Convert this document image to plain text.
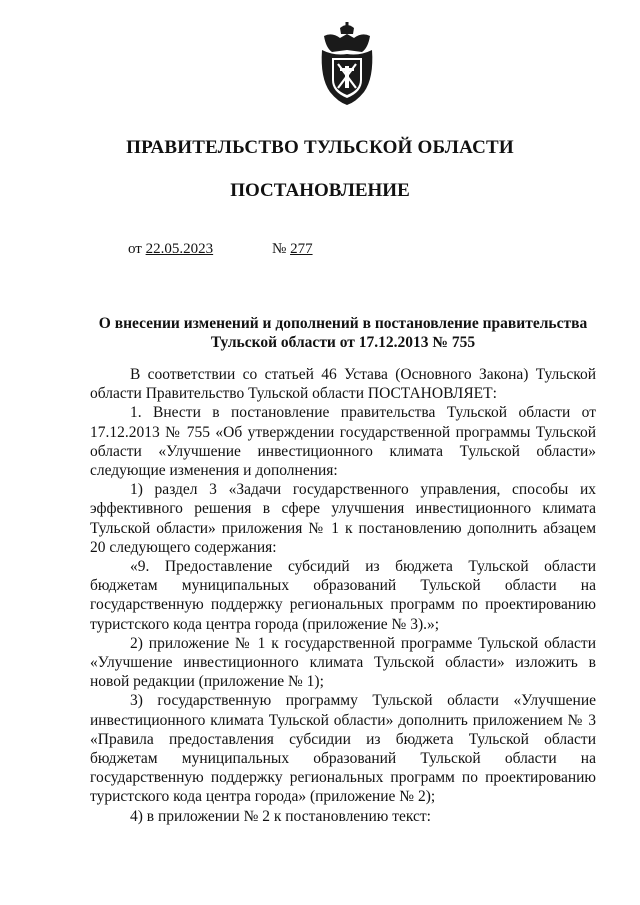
ПРАВИТЕЛЬСТВО ТУЛЬСКОЙ ОБЛАСТИ
ПОСТАНОВЛЕНИЕ
от 22.05.2023	№ 277
О внесении изменений и дополнений в постановление правительства Тульской области от 17.12.2013 № 755

В соответствии со статьей 46 Устава (Основного Закона) Тульской области Правительство Тульской области ПОСТАНОВЛЯЕТ:

1. Внести в постановление правительства Тульской области от 17.12.2013 № 755 «Об утверждении государственной программы Тульской области «Улучшение инвестиционного климата Тульской области» следующие изменения и дополнения:

1) раздел 3 «Задачи государственного управления, способы их эффективного решения в сфере улучшения инвестиционного климата Тульской области» приложения № 1 к постановлению дополнить абзацем 20 следующего содержания:

«9. Предоставление субсидий из бюджета Тульской области бюджетам муниципальных образований Тульской области на государственную поддержку региональных программ по проектированию туристского кода центра города (приложение № 3).»;

2) приложение № 1 к государственной программе Тульской области «Улучшение инвестиционного климата Тульской области» изложить в новой редакции (приложение № 1);

3) государственную программу Тульской области «Улучшение инвестиционного климата Тульской области» дополнить приложением № 3 «Правила предоставления субсидии из бюджета Тульской области бюджетам муниципальных образований Тульской области на государственную поддержку региональных программ по проектированию туристского кода центра города» (приложение № 2);

4) в приложении № 2 к постановлению текст:
